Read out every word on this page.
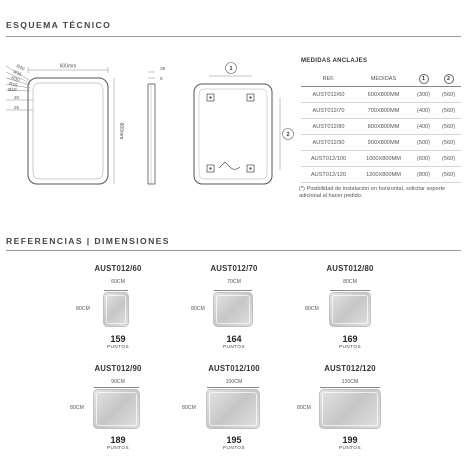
ESQUEMA TÉCNICO
600mm
800mm
R40
R35
R30
R15
Ø18
20
25
35
5
1
2
MEDIDAS ANCLAJES
REF.	MEDIDAS	1	2
AUST012/60	600X800MM	(300)	(560)
AUST012/70	700X800MM	(400)	(560)
AUST012/80	800X800MM	(400)	(560)
AUST012/90	900X800MM	(500)	(560)
AUST012/100	1000X800MM	(600)	(560)
AUST012/120	1200X800MM	(800)	(560)
(*) Posibilidad de instalación en horizontal, solicitar soporte adicional al hacer pedido.
REFERENCIAS | DIMENSIONES
AUST012/60
60CM
80CM
159
PUNTOS
AUST012/70
70CM
80CM
164
PUNTOS
AUST012/80
80CM
80CM
169
PUNTOS
AUST012/90
90CM
80CM
189
PUNTOS
AUST012/100
100CM
80CM
195
PUNTOS
AUST012/120
120CM
80CM
199
PUNTOS
